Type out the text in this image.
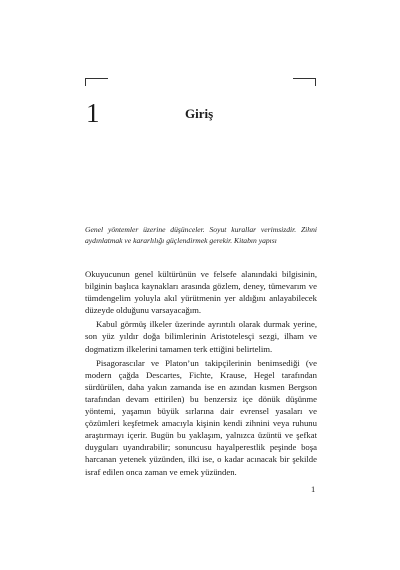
1	Giriş

Genel yöntemler üzerine düşünceler. Soyut kurallar verimsizdir. Zihni aydınlatmak ve kararlılığı güçlendirmek gerekir. Kitabın yapısı

Okuyucunun genel kültürünün ve felsefe alanındaki bilgisinin, bilginin başlıca kaynakları arasında gözlem, deney, tümevarım ve tümdengelim yoluyla akıl yürütmenin yer aldığını anlayabilecek düzeyde olduğunu varsayacağım.

Kabul görmüş ilkeler üzerinde ayrıntılı olarak durmak yerine, son yüz yıldır doğa bilimlerinin Aristotelesçi sezgi, ilham ve dogmatizm ilkelerini tamamen terk ettiğini belirtelim.

Pisagorascılar ve Platon’un takipçilerinin benimsediği (ve modern çağda Descartes, Fichte, Krause, Hegel tarafından sürdürülen, daha yakın zamanda ise en azından kısmen Bergson tarafından devam ettirilen) bu benzersiz içe dönük düşünme yöntemi, yaşamın büyük sırlarına dair evrensel yasaları ve çözümleri keşfetmek amacıyla kişinin kendi zihnini veya ruhunu araştırmayı içerir. Bugün bu yaklaşım, yalnızca üzüntü ve şefkat duyguları uyandırabilir; sonuncusu hayalperestlik peşinde boşa harcanan yetenek yüzünden, ilki ise, o kadar acınacak bir şekilde israf edilen onca zaman ve emek yüzünden.

1
